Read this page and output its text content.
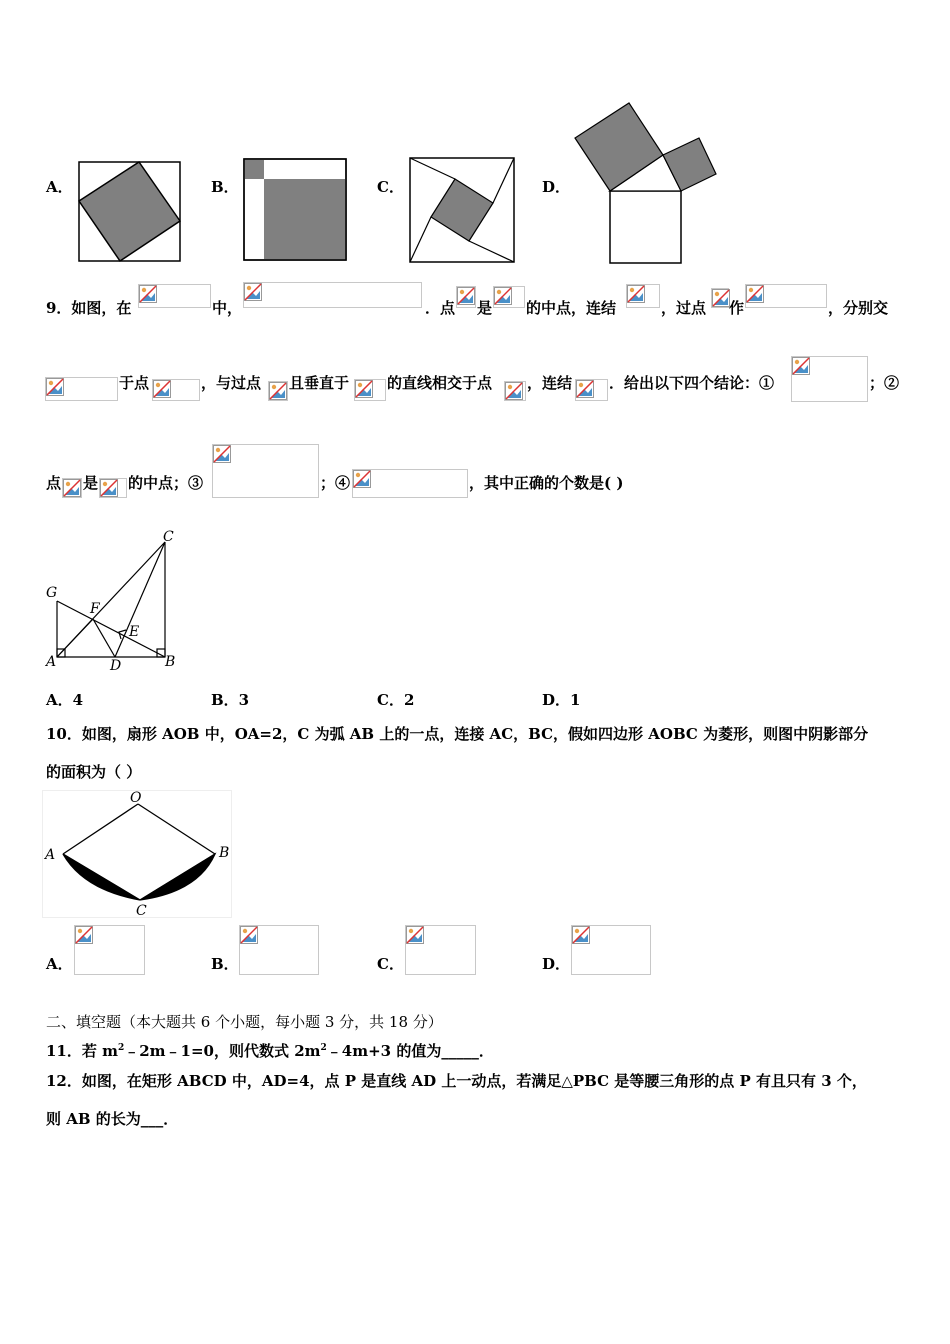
A．	B．	C．	D．
9．如图，在	中，	．点 是 的中点，连结	，过点 作	，分别交
于点	，与过点 且垂直于	的直线相交于点 ，连结 ．给出以下四个结论：①	；②
点 是 的中点；③	；④	，其中正确的个数是( )
C
G
F
E
A	D	B
A．4	B．3	C．2	D．1
10．如图，扇形 AOB 中，OA=2，C 为弧 AB 上的一点，连接 AC，BC，假如四边形 AOBC 为菱形，则图中阴影部分
的面积为（ ）
O
A	B
C
A．	B．	C．	D．
二、填空题（本大题共 6 个小题，每小题 3 分，共 18 分）
11．若 $m^2﹣2m﹣1=0$，则代数式 $2m^2﹣4m+3$ 的值为_____．
12．如图，在矩形 ABCD 中，AD=4，点 P 是直线 AD 上一动点，若满足△PBC 是等腰三角形的点 P 有且只有 3 个，
则 AB 的长为___．
